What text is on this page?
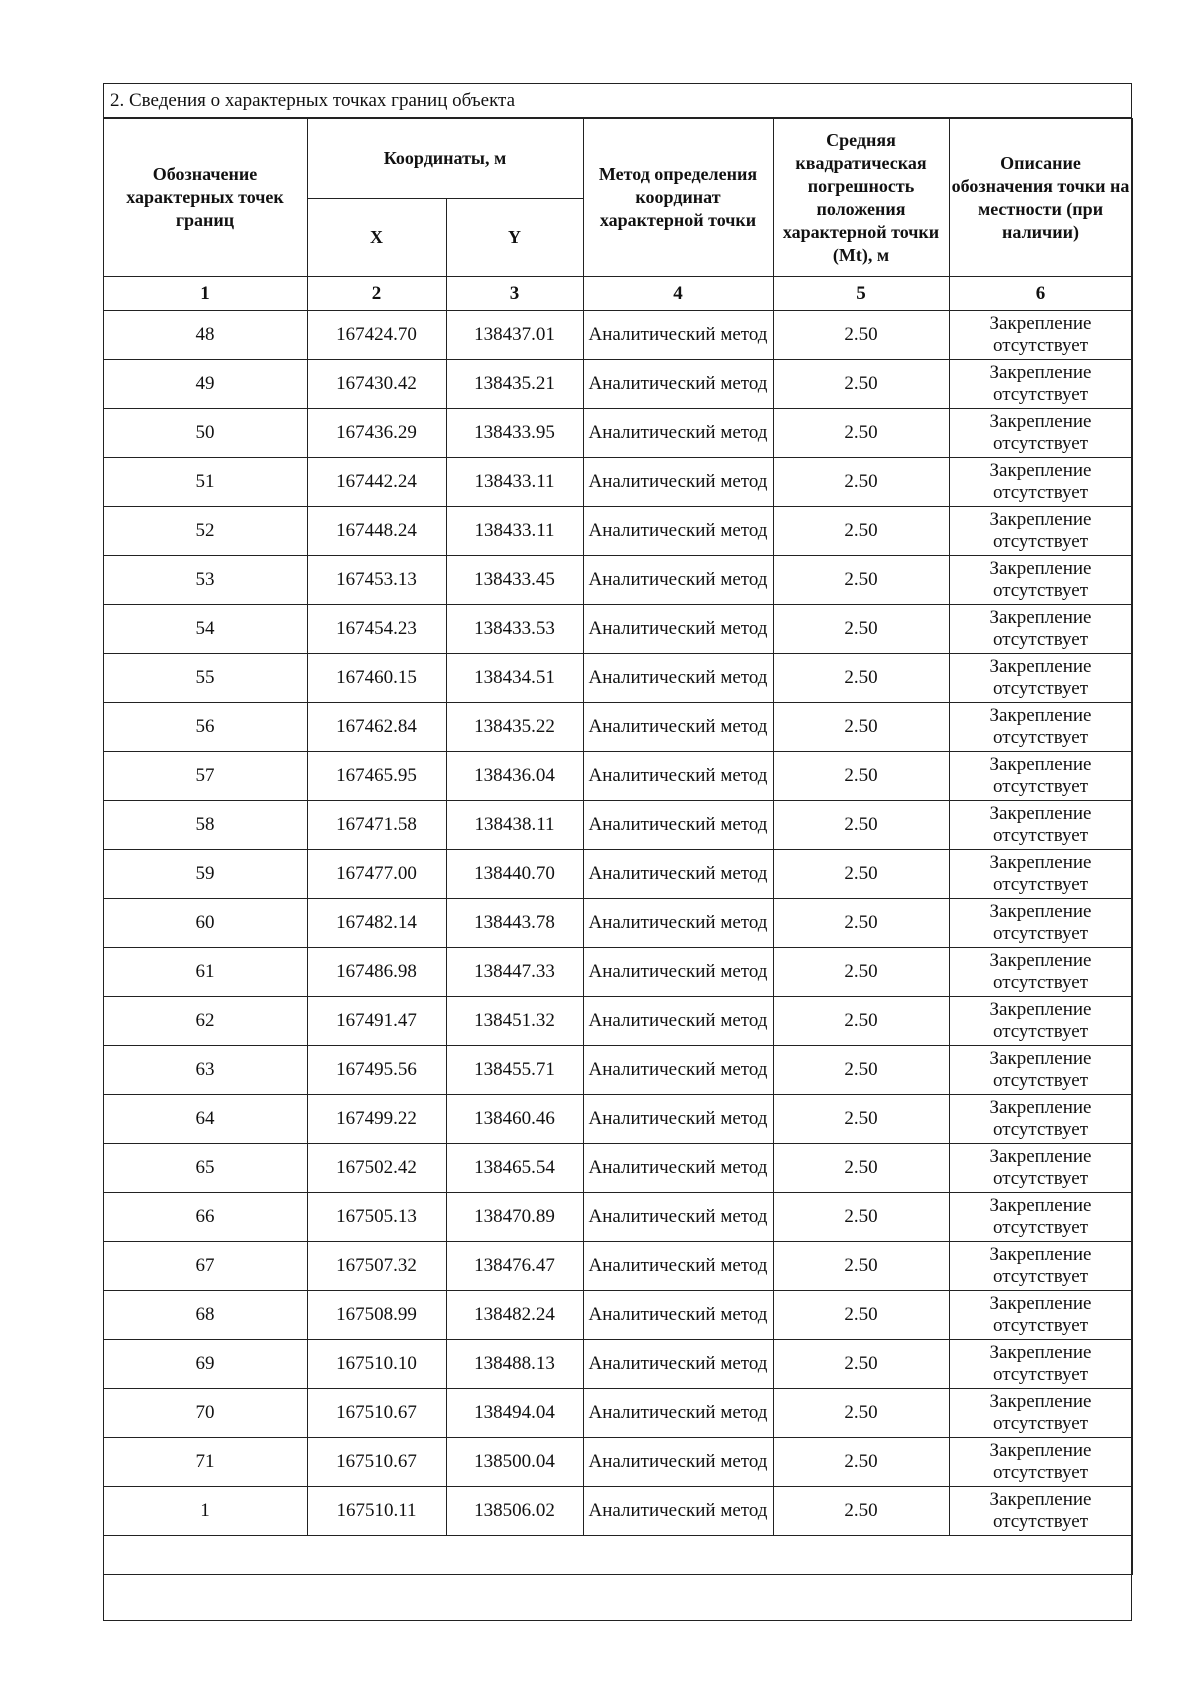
2. Сведения о характерных точках границ объекта
Обозначение характерных точек границ	Координаты, м		Метод определения координат характерной точки	Средняя квадратическая погрешность положения характерной точки (Mt), м	Описание обозначения точки на местности (при наличии)
	X	Y			
1	2	3	4	5	6
48	167424.70	138437.01	Аналитический метод	2.50	Закрепление отсутствует
49	167430.42	138435.21	Аналитический метод	2.50	Закрепление отсутствует
50	167436.29	138433.95	Аналитический метод	2.50	Закрепление отсутствует
51	167442.24	138433.11	Аналитический метод	2.50	Закрепление отсутствует
52	167448.24	138433.11	Аналитический метод	2.50	Закрепление отсутствует
53	167453.13	138433.45	Аналитический метод	2.50	Закрепление отсутствует
54	167454.23	138433.53	Аналитический метод	2.50	Закрепление отсутствует
55	167460.15	138434.51	Аналитический метод	2.50	Закрепление отсутствует
56	167462.84	138435.22	Аналитический метод	2.50	Закрепление отсутствует
57	167465.95	138436.04	Аналитический метод	2.50	Закрепление отсутствует
58	167471.58	138438.11	Аналитический метод	2.50	Закрепление отсутствует
59	167477.00	138440.70	Аналитический метод	2.50	Закрепление отсутствует
60	167482.14	138443.78	Аналитический метод	2.50	Закрепление отсутствует
61	167486.98	138447.33	Аналитический метод	2.50	Закрепление отсутствует
62	167491.47	138451.32	Аналитический метод	2.50	Закрепление отсутствует
63	167495.56	138455.71	Аналитический метод	2.50	Закрепление отсутствует
64	167499.22	138460.46	Аналитический метод	2.50	Закрепление отсутствует
65	167502.42	138465.54	Аналитический метод	2.50	Закрепление отсутствует
66	167505.13	138470.89	Аналитический метод	2.50	Закрепление отсутствует
67	167507.32	138476.47	Аналитический метод	2.50	Закрепление отсутствует
68	167508.99	138482.24	Аналитический метод	2.50	Закрепление отсутствует
69	167510.10	138488.13	Аналитический метод	2.50	Закрепление отсутствует
70	167510.67	138494.04	Аналитический метод	2.50	Закрепление отсутствует
71	167510.67	138500.04	Аналитический метод	2.50	Закрепление отсутствует
1	167510.11	138506.02	Аналитический метод	2.50	Закрепление отсутствует
